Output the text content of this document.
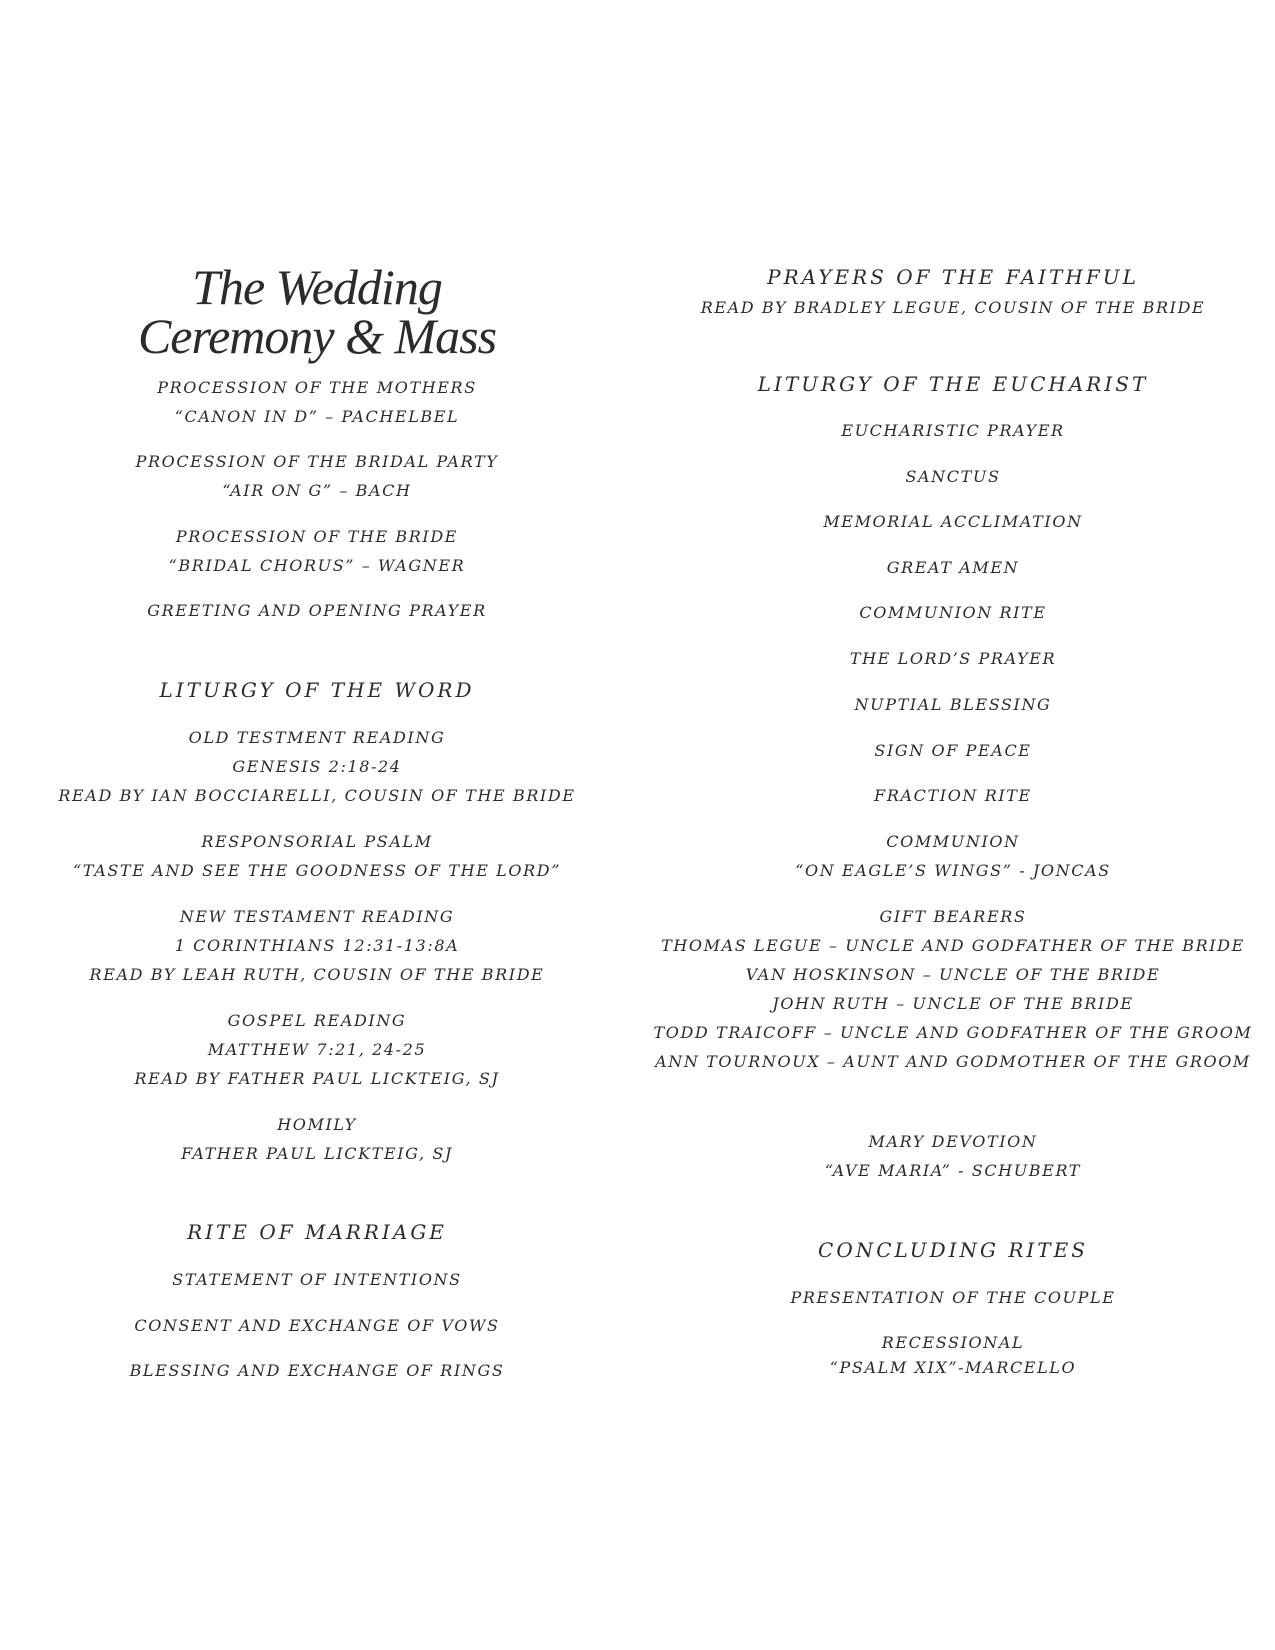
The Wedding
Ceremony & Mass
PROCESSION OF THE MOTHERS
“CANON IN D” – PACHELBEL
PROCESSION OF THE BRIDAL PARTY
“AIR ON G” – BACH
PROCESSION OF THE BRIDE
“BRIDAL CHORUS” – WAGNER
GREETING AND OPENING PRAYER
LITURGY OF THE WORD
OLD TESTMENT READING
GENESIS 2:18-24
READ BY IAN BOCCIARELLI, COUSIN OF THE BRIDE
RESPONSORIAL PSALM
“TASTE AND SEE THE GOODNESS OF THE LORD”
NEW TESTAMENT READING
1 CORINTHIANS 12:31-13:8A
READ BY LEAH RUTH, COUSIN OF THE BRIDE
GOSPEL READING
MATTHEW 7:21, 24-25
READ BY FATHER PAUL LICKTEIG, SJ
HOMILY
FATHER PAUL LICKTEIG, SJ
RITE OF MARRIAGE
STATEMENT OF INTENTIONS
CONSENT AND EXCHANGE OF VOWS
BLESSING AND EXCHANGE OF RINGS
PRAYERS OF THE FAITHFUL
READ BY BRADLEY LEGUE, COUSIN OF THE BRIDE
LITURGY OF THE EUCHARIST
EUCHARISTIC PRAYER
SANCTUS
MEMORIAL ACCLIMATION
GREAT AMEN
COMMUNION RITE
THE LORD’S PRAYER
NUPTIAL BLESSING
SIGN OF PEACE
FRACTION RITE
COMMUNION
“ON EAGLE’S WINGS” - JONCAS
GIFT BEARERS
THOMAS LEGUE – UNCLE AND GODFATHER OF THE BRIDE
VAN HOSKINSON – UNCLE OF THE BRIDE
JOHN RUTH – UNCLE OF THE BRIDE
TODD TRAICOFF – UNCLE AND GODFATHER OF THE GROOM
ANN TOURNOUX – AUNT AND GODMOTHER OF THE GROOM
MARY DEVOTION
“AVE MARIA” - SCHUBERT
CONCLUDING RITES
PRESENTATION OF THE COUPLE
RECESSIONAL
“PSALM XIX”-MARCELLO
